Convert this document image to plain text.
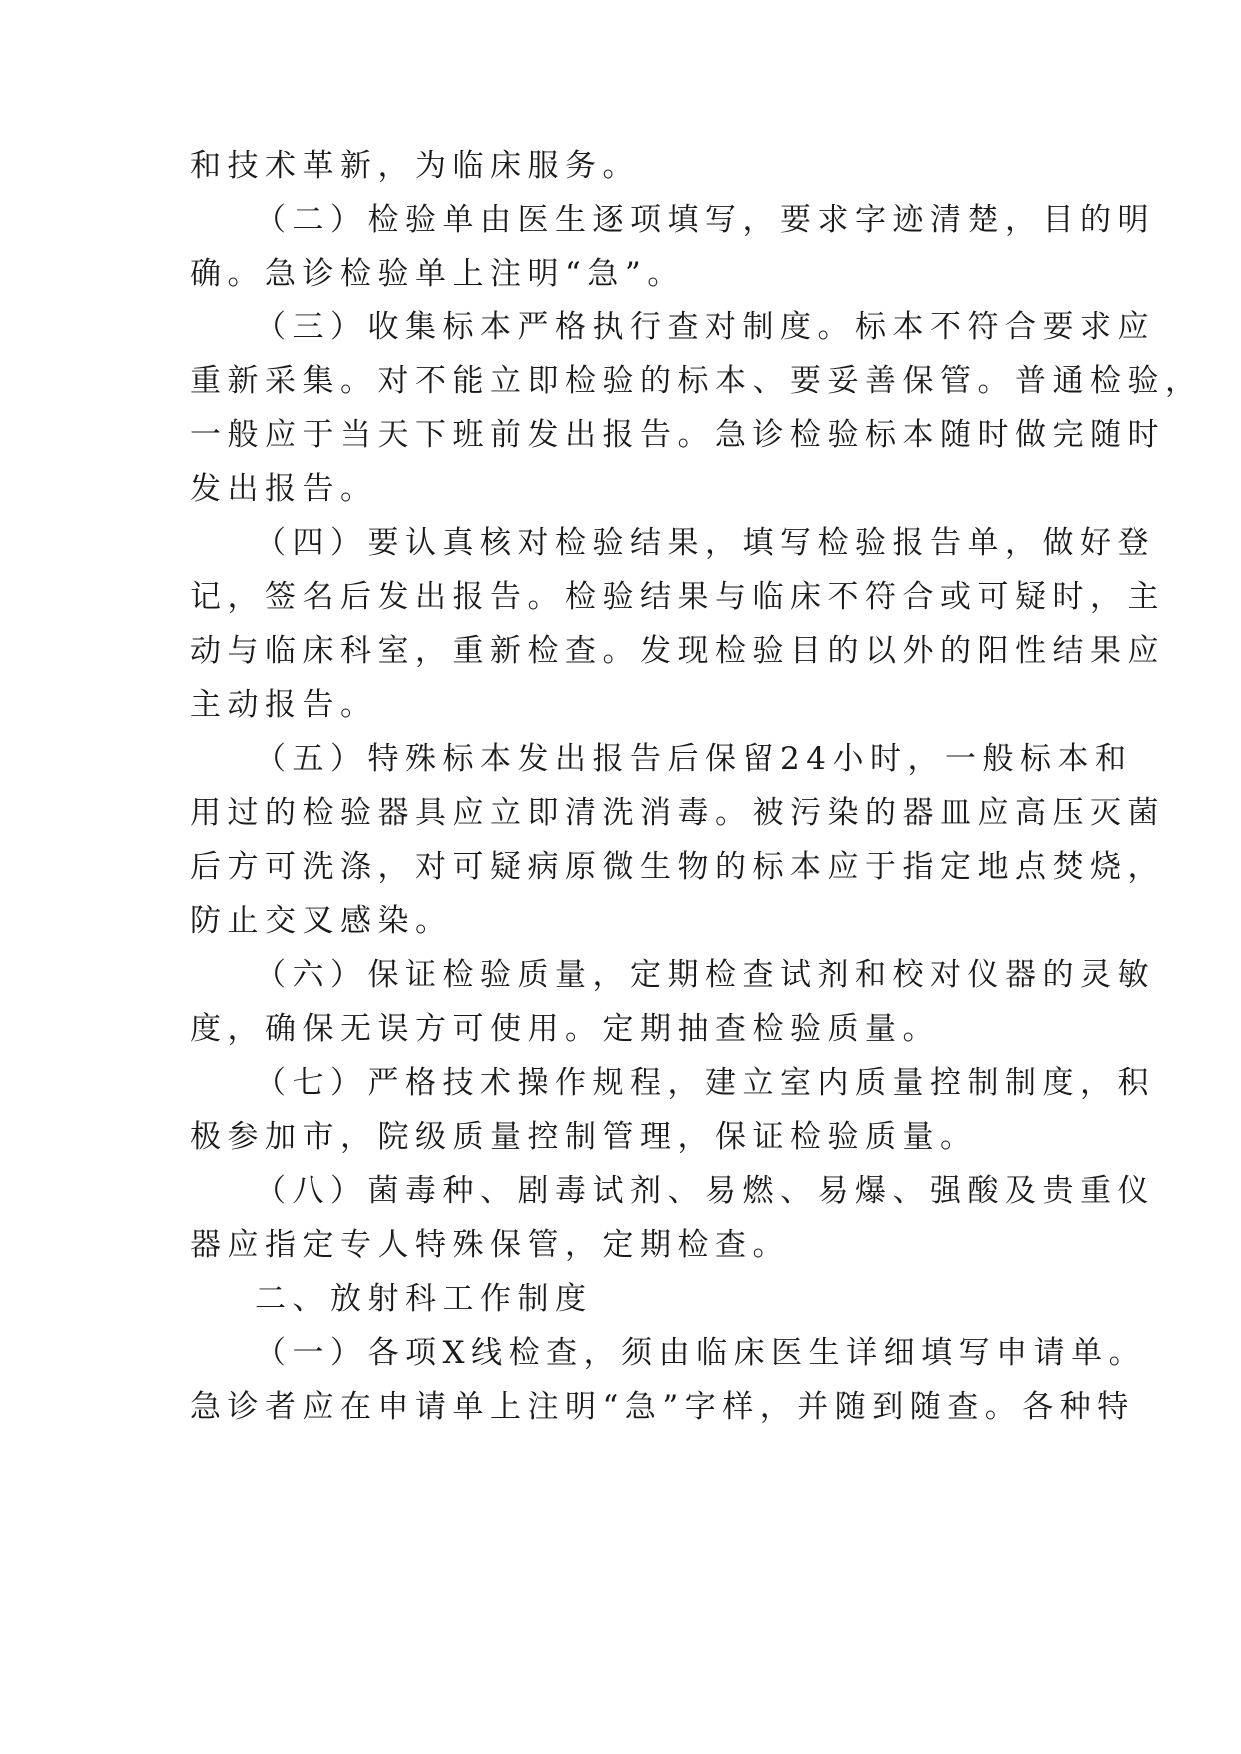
和技术革新，为临床服务。
（二）检验单由医生逐项填写，要求字迹清楚，目的明
确。急诊检验单上注明“急”。
（三）收集标本严格执行查对制度。标本不符合要求应
重新采集。对不能立即检验的标本、要妥善保管。普通检验，
一般应于当天下班前发出报告。急诊检验标本随时做完随时
发出报告。
（四）要认真核对检验结果，填写检验报告单，做好登
记，签名后发出报告。检验结果与临床不符合或可疑时，主
动与临床科室，重新检查。发现检验目的以外的阳性结果应
主动报告。
（五）特殊标本发出报告后保留24小时，一般标本和
用过的检验器具应立即清洗消毒。被污染的器皿应高压灭菌
后方可洗涤，对可疑病原微生物的标本应于指定地点焚烧，
防止交叉感染。
（六）保证检验质量，定期检查试剂和校对仪器的灵敏
度，确保无误方可使用。定期抽查检验质量。
（七）严格技术操作规程，建立室内质量控制制度，积
极参加市，院级质量控制管理，保证检验质量。
（八）菌毒种、剧毒试剂、易燃、易爆、强酸及贵重仪
器应指定专人特殊保管，定期检查。
二、放射科工作制度
（一）各项X线检查，须由临床医生详细填写申请单。
急诊者应在申请单上注明“急”字样，并随到随查。各种特
